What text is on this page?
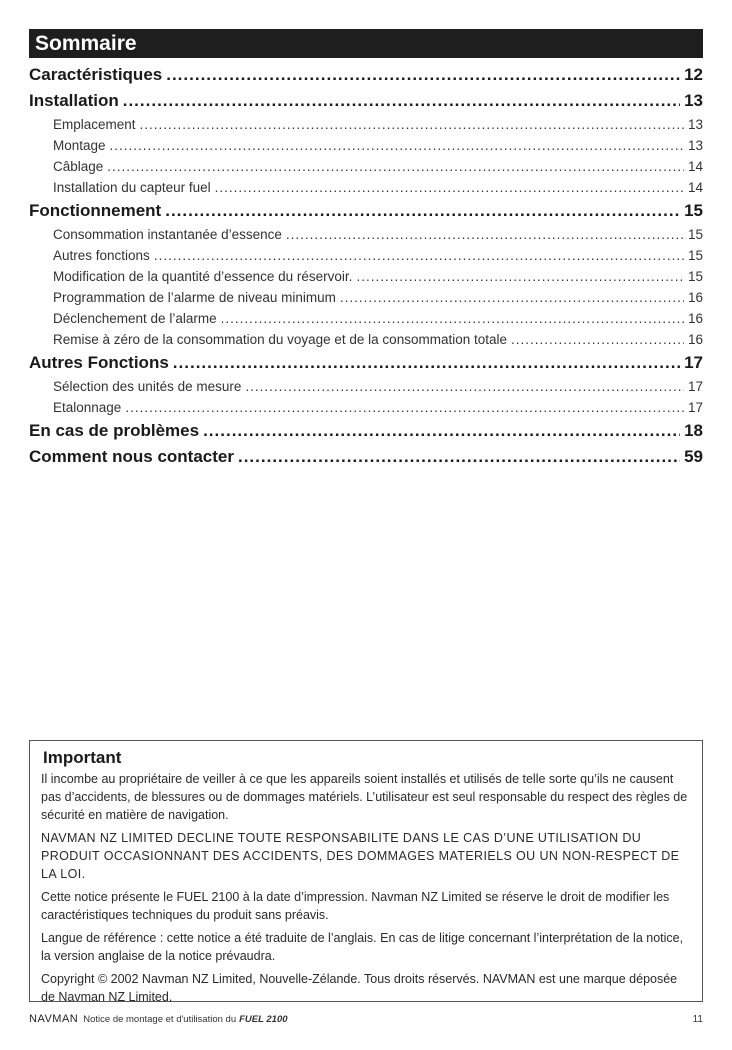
Sommaire
Caractéristiques .....	12
Installation .....	13
Emplacement .....	13
Montage .....	13
Câblage .....	14
Installation du capteur fuel .....	14
Fonctionnement .....	15
Consommation instantanée d’essence .....	15
Autres fonctions .....	15
Modification de la quantité d’essence du réservoir. .....	15
Programmation de l’alarme de niveau minimum .....	16
Déclenchement de l’alarme .....	16
Remise à zéro de la consommation du voyage et de la consommation totale .....	16
Autres Fonctions .....	17
Sélection des unités de mesure .....	17
Etalonnage .....	17
En cas de problèmes .....	18
Comment nous contacter .....	59
Important

Il incombe au propriétaire de veiller à ce que les appareils soient installés et utilisés de telle sorte qu’ils ne causent pas d’accidents, de blessures ou de dommages matériels. L’utilisateur est seul responsable du respect des règles de sécurité en matière de navigation.

NAVMAN NZ LIMITED DECLINE TOUTE RESPONSABILITE DANS LE CAS D’UNE UTILISATION DU PRODUIT OCCASIONNANT DES ACCIDENTS, DES DOMMAGES MATERIELS OU UN NON-RESPECT DE LA LOI.

Cette notice présente le FUEL 2100 à la date d’impression. Navman NZ Limited se réserve le droit de modifier les caractéristiques techniques du produit sans préavis.

Langue de référence : cette notice a été traduite de l’anglais. En cas de litige concernant l’interprétation de la notice, la version anglaise de la notice prévaudra.

Copyright © 2002 Navman NZ Limited, Nouvelle-Zélande. Tous droits réservés. NAVMAN est une marque déposée de Navman NZ Limited.

NAVMAN Notice de montage et d'utilisation du FUEL 2100	11
